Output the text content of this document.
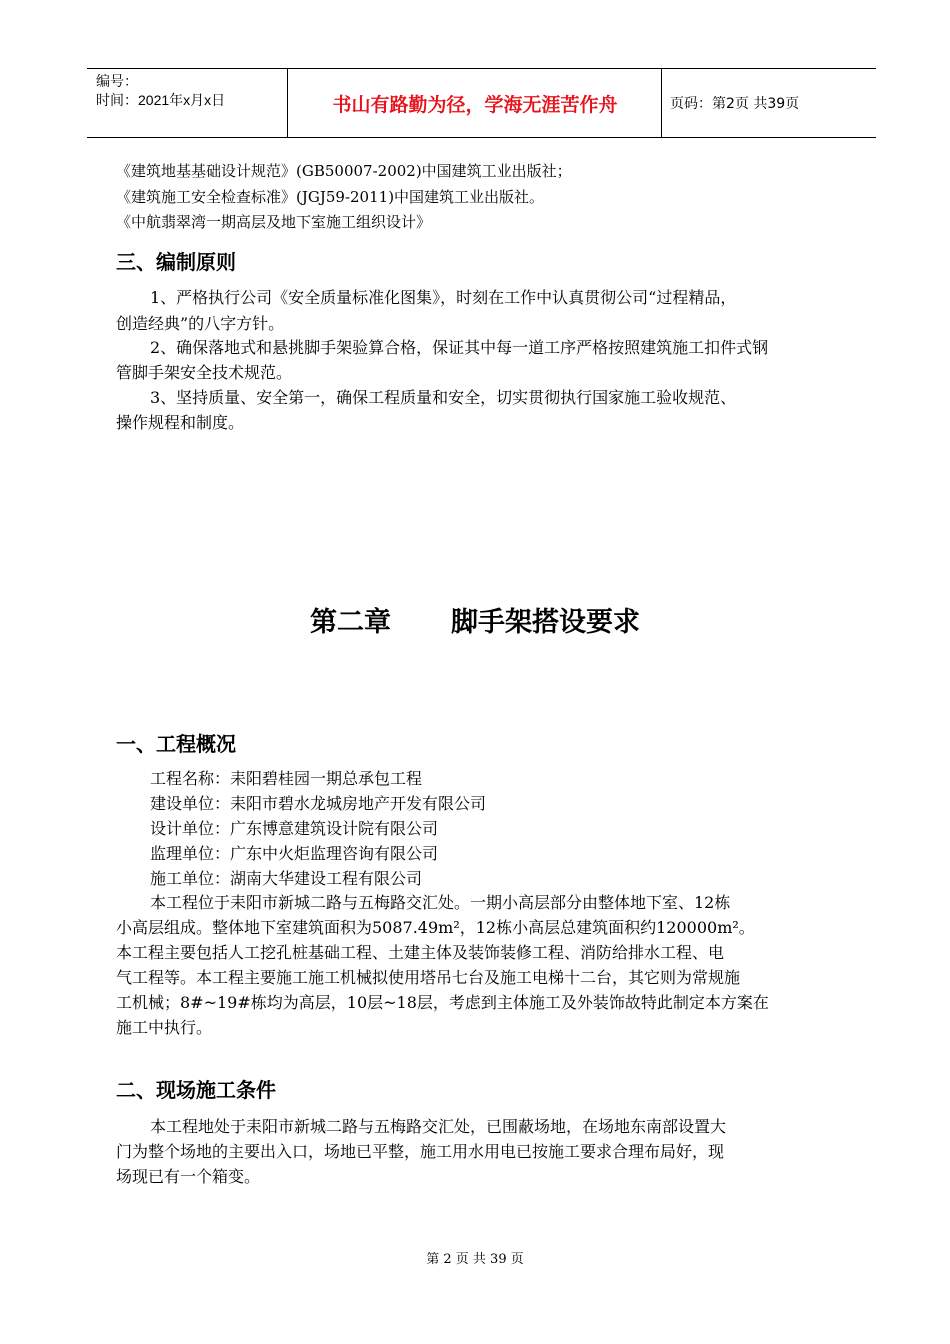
编号：
时间：2021年x月x日	书山有路勤为径，学海无涯苦作舟	页码：第2页 共39页
《建筑地基基础设计规范》(GB50007-2002)中国建筑工业出版社；
《建筑施工安全检查标准》(JGJ59-2011)中国建筑工业出版社。
《中航翡翠湾一期高层及地下室施工组织设计》
三、编制原则
1、严格执行公司《安全质量标准化图集》，时刻在工作中认真贯彻公司“过程精品，
创造经典”的八字方针。
2、确保落地式和悬挑脚手架验算合格，保证其中每一道工序严格按照建筑施工扣件式钢
管脚手架安全技术规范。
3、坚持质量、安全第一，确保工程质量和安全，切实贯彻执行国家施工验收规范、
操作规程和制度。
第二章 脚手架搭设要求
一、工程概况
工程名称：耒阳碧桂园一期总承包工程
建设单位：耒阳市碧水龙城房地产开发有限公司
设计单位：广东博意建筑设计院有限公司
监理单位：广东中火炬监理咨询有限公司
施工单位：湖南大华建设工程有限公司
本工程位于耒阳市新城二路与五梅路交汇处。一期小高层部分由整体地下室、12栋
小高层组成。整体地下室建筑面积为5087.49m²，12栋小高层总建筑面积约120000m²。
本工程主要包括人工挖孔桩基础工程、土建主体及装饰装修工程、消防给排水工程、电
气工程等。本工程主要施工施工机械拟使用塔吊七台及施工电梯十二台，其它则为常规施
工机械；8#~19#栋均为高层，10层~18层，考虑到主体施工及外装饰故特此制定本方案在
施工中执行。
二、现场施工条件
本工程地处于耒阳市新城二路与五梅路交汇处，已围蔽场地，在场地东南部设置大
门为整个场地的主要出入口，场地已平整，施工用水用电已按施工要求合理布局好，现
场现已有一个箱变。
第 2 页 共 39 页
